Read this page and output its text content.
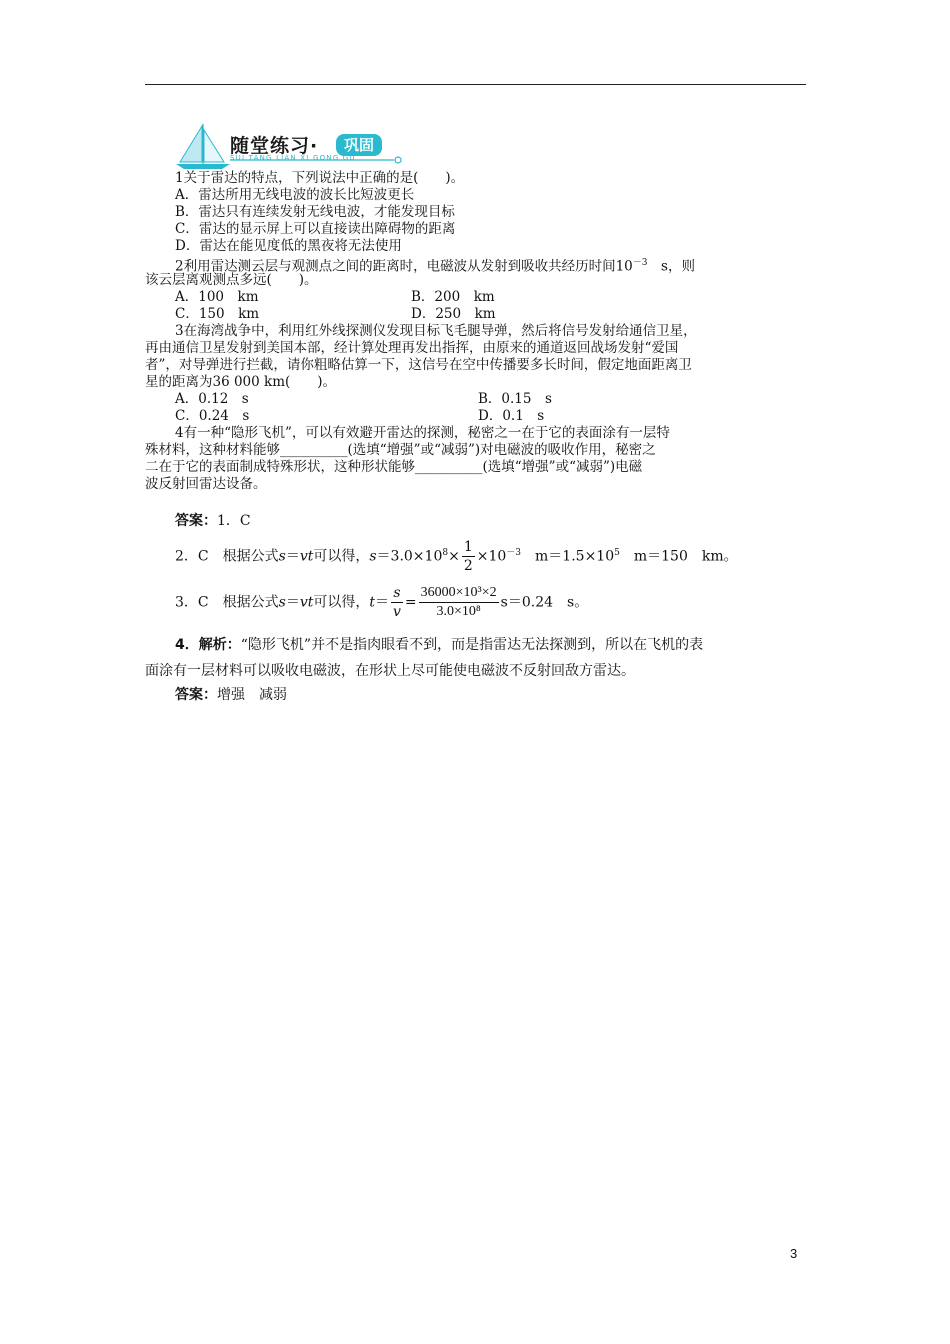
随堂练习·	巩固
SUI TANG LIAN XI GONG GU
1关于雷达的特点，下列说法中正确的是(　　)。
A．雷达所用无线电波的波长比短波更长
B．雷达只有连续发射无线电波，才能发现目标
C．雷达的显示屏上可以直接读出障碍物的距离
D．雷达在能见度低的黑夜将无法使用
2利用雷达测云层与观测点之间的距离时，电磁波从发射到吸收共经历时间$10^{-3}$　s，则
该云层离观测点多远(　　)。
A．100　km	B．200　km
C．150　km	D．250　km
3在海湾战争中，利用红外线探测仪发现目标飞毛腿导弹，然后将信号发射给通信卫星，
再由通信卫星发射到美国本部，经计算处理再发出指挥，由原来的通道返回战场发射“爱国
者”，对导弹进行拦截，请你粗略估算一下，这信号在空中传播要多长时间，假定地面距离卫
星的距离为36 000 km(　　)。
A．0.12　s	B．0.15　s
C．0.24　s	D．0.1　s
4有一种“隐形飞机”，可以有效避开雷达的探测，秘密之一在于它的表面涂有一层特
殊材料，这种材料能够__________(选填“增强”或“减弱”)对电磁波的吸收作用，秘密之
二在于它的表面制成特殊形状，这种形状能够__________(选填“增强”或“减弱”)电磁
波反射回雷达设备。
答案：1．C
2．C　根据公式s＝vt可以得，$s=3.0\times 10^8\times \frac{1}{2} \times 10^{-3}$　$m=1.5\times 10^5$　m＝150　km。
3．C　根据公式s＝vt可以得，$t= \frac{s}{v} = \frac{\text{36000×10³×2}}{\text{3.0×10⁸}} s=0.24$　s。
4．解析：“隐形飞机”并不是指肉眼看不到，而是指雷达无法探测到，所以在飞机的表
面涂有一层材料可以吸收电磁波，在形状上尽可能使电磁波不反射回敌方雷达。
答案：增强　减弱
3
